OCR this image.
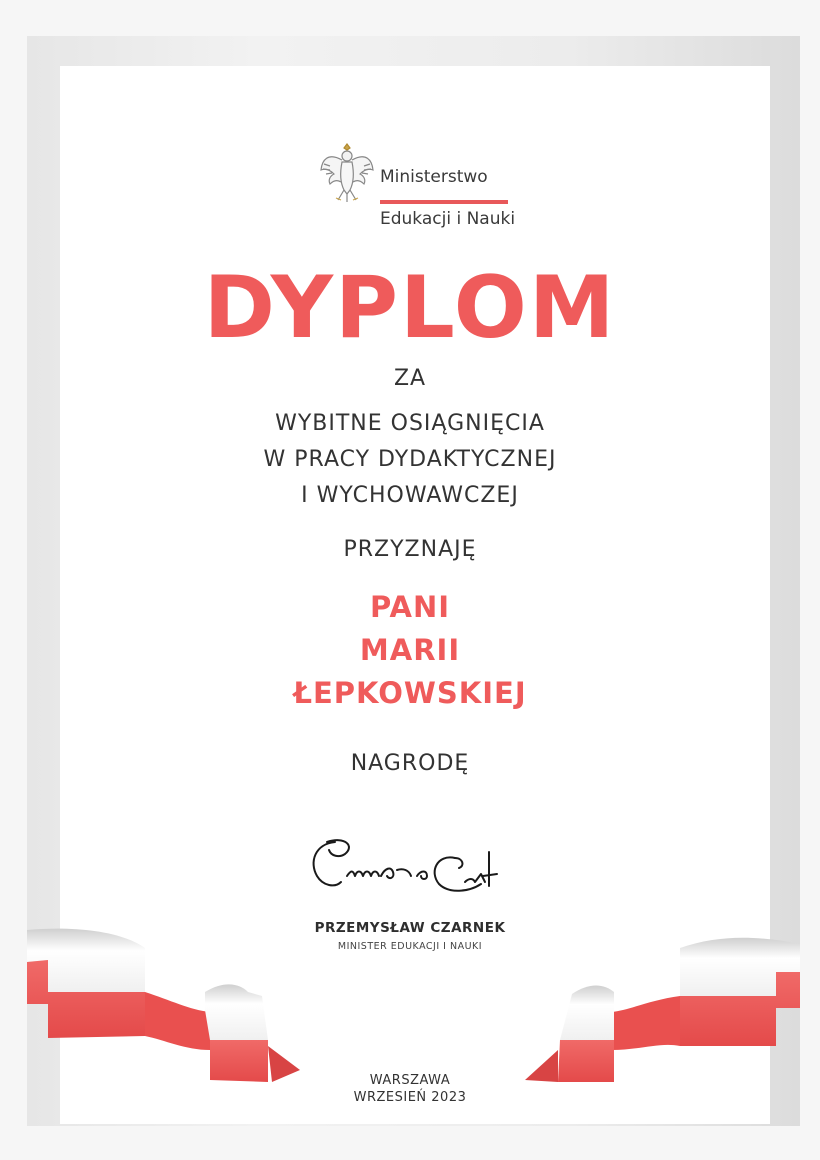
Ministerstwo

Edukacji i Nauki

DYPLOM
ZA
WYBITNE OSIĄGNIĘCIA
W PRACY DYDAKTYCZNEJ
I WYCHOWAWCZEJ
PRZYZNAJĘ
PANI
MARII
ŁEPKOWSKIEJ
NAGRODĘ
PRZEMYSŁAW CZARNEK
MINISTER EDUKACJI I NAUKI
WARSZAWA
WRZESIEŃ 2023
